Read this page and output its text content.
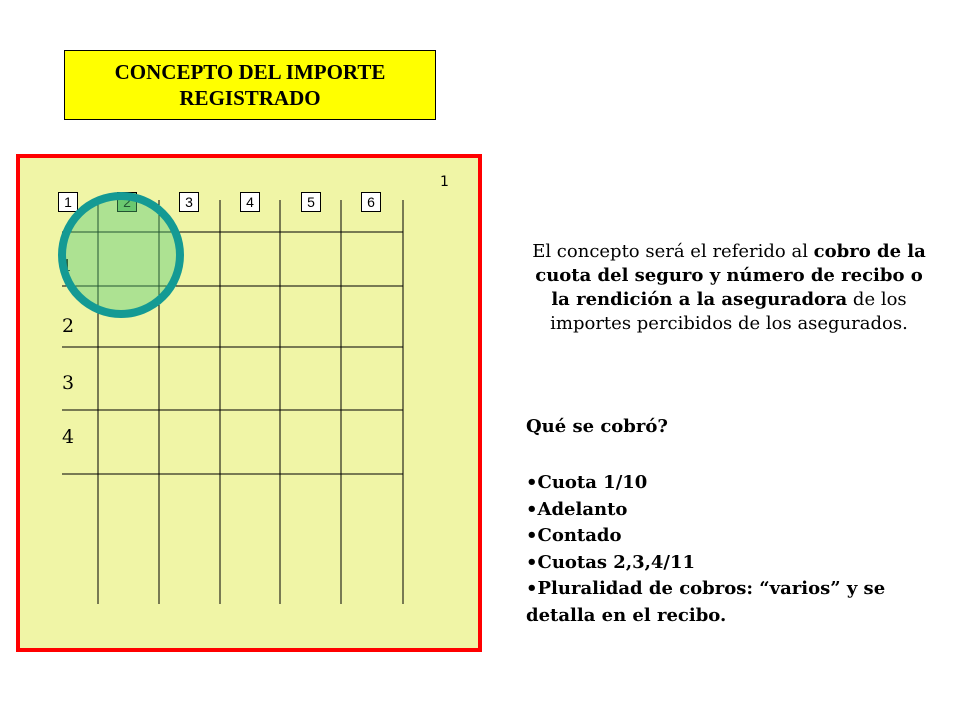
CONCEPTO DEL IMPORTE
REGISTRADO
1
1	2	3	4	5	6
1
2
3
4
El concepto será el referido al cobro de la cuota del seguro y número de recibo o la rendición a la aseguradora de los importes percibidos de los asegurados.
Qué se cobró?
•Cuota 1/10
•Adelanto
•Contado
•Cuotas 2,3,4/11
•Pluralidad de cobros: “varios” y se detalla en el recibo.
